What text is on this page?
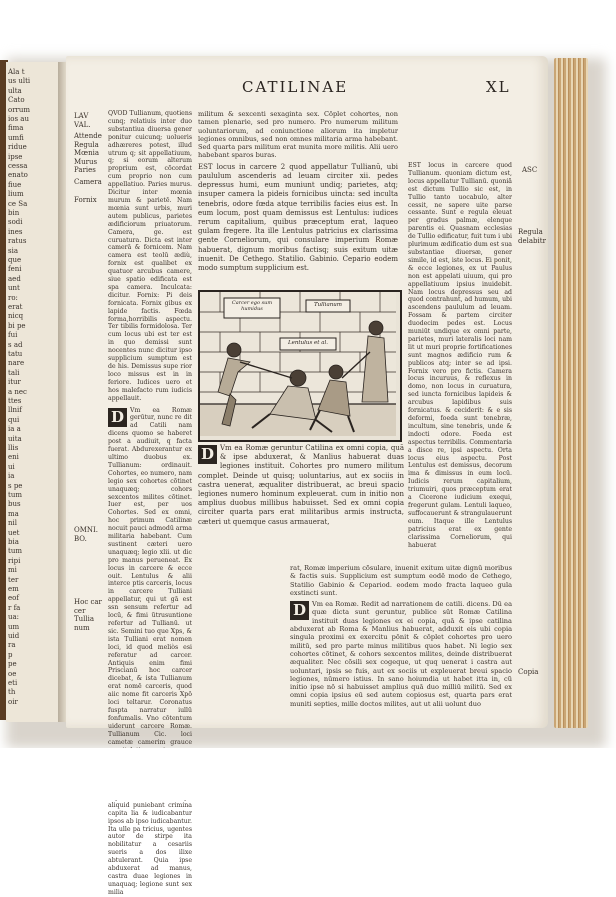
Ala t
us ulti
ulta
Cato
orrum
ios au
fima
umfi
ridue
ipse
cessa
enato
fiue
lium
ce Sa
bin
sodi
ines
ratus
sia
que
feni
aed
unt
ro:
erat
nicq
bi pe
fui
s ad
tatu
nare
tali
itur
a nec
ttes
llnif
qui
ia a
uita
llis
eni
ui
ia
s pe
tum
bus
ma
nil
uet
bia
tum
ripi
mi
ter
em
eof
r fa
ua:
um
uid
ra
p
pe
oe
eti
th
oir
CATILINAE	XL
LAV
VAL.
Attende
Regula
Mœnia
Murus
Paries
Camera
Fornix
OMNI.
BO.
Hoc car
cer
Tullia
num
ASC
Regula
delabitr
Copia

QVOD Tullianum, quotiens cunq; relatiuis inter duo substantiua diuersa gener ponitur cuicunq; uolueris adhæreres potest, illud utrum q; sit appellatiuum, q; si eorum alterum proprium est, cõcordat cum proprio non cum appellatiuo. Paries murus. Dicitur inter mœnia murum & parietē. Nam mœnia sunt urbis, muri autem publicus, parietes ædificiorum priuatorum. Camera, ge. est curuatura. Dicta est inter camerā & fornicem. Nam camera est teolū ædiù, fornix est qualibet ex quatuor arcubus camere, siue spatio edificata est spa camera. Inculcata: dicitur. Fornix: Pi deis fornicata. Fornix gibus ex lapide factis. Fœda forma,horribilis aspectu. Ter tibilis formidolosa. Ter cum locus ubi est ter est in quo demissi sunt nocentes nunc dicitur ipso supplicium sumptum est de his. Demissus supe rior loco missus est in in feriore. Iudices uero et hos malefacto rum iudicis appellauit.

D Vm ea Romæ gerūtur, nunc re dit ad Catili nam dicens quomo se haberet post a audiuit, q facta fuerat. Abdurexerantur ex ultimo duobus ex. Tullianum: ordinauit. Cohortes, eo numero, nam legio sex cohortes cõtinet unaquæq; cohors sexcentos milites cõtinet. Iuer est, per uos Cohortes. Sed ex omni, hoc primum Catilinæ nocuit pauci admodū arma militaria habebant. Cum sustinent cæteri uero unaquæq; legio xlii. ut dic pro manus perueneat. Ex locus in carcere & ecce ouit. Lentulus & alii interce ptis carceris, locus in carcere Tulliani appellatur, qui ut gā est ssn sensum refertur ad locū, & fimi ũtrusuntione refertur ad Tullianū. ut sic. Semini tuo que Xps, & ista Tulliani erat nomen loci, id quod meliòs esi referatur ad carcer. Antiquis enim fimi Priscianū hoc carcer dicebat, & ista Tullianum erat nomē carceris, quod aiic nome fit carceris Xpō loci teltarur. Coronatus fuspta narratur iullū fonfumalis. Vno cōtentum uiderunt carcere Romæ. Tullianum Cic. loci cametæ camerim grauce aliquid puniebant crimina capita lia & iudicabantur ipsos ab ipso iudicabantur. Ita ulle pa tricius, ugentes autor de stirpe ita nobilitatur a cesariis sueris a dos ilixe abtulerant. Quia ipse abduxerat ad manus, castra duae legiones in unaquaq; legione sunt sex milia

militum & sexcenti sexaginta sex. Cōplet cohortes, non tamen plenarie, sed pro numero. Pro numerum militum uoluntariorum, ad coniunctione aliorum ita impletur legiones omnibus, sed non omnes militaria arma habebant. Sed quarta pars militum erat munita more militis. Alii uero habebant sparos buras.

EST locus in carcere 2 quod appellatur Tullianū, ubi paululum ascenderis ad leuam circiter xii. pedes depressus humi, eum muniunt undiq; parietes, atq; insuper camera la pideis fornicibus uincta: sed inculta tenebris, odore fœda atque terribilis facies eius est. In eum locum, post quam demissus est Lentulus: iudices rerum capitalium, quibus præceptum erat, laqueo gulam fregere. Ita ille Lentulus patricius ex clarissima gente Corneliorum, qui consulare imperium Romæ habuerat, dignum moribus factisq; suis exitum uitæ inuenit. De Cethego. Statilio. Gabinio. Cepario eodem modo sumptum supplicium est.

Carcer ego sum humidus
Tullianum
Lentulus et al.

D Vm ea Romæ geruntur Catilina ex omni copia, quā & ipse abduxerat, & Manlius habuerat duas legiones instituit. Cohortes pro numero militum complet. Deinde ut quisq; uoluntarius, aut ex sociis in castra uenerat, æqualiter distribuerat, ac breui spacio legiones numero hominum expleuerat. cum in initio non amplius duobus millibus habuisset. Sed ex omni copia circiter quarta pars erat militaribus armis instructa, cæteri ut quemque casus armauerat,

rat, Romæ imperium cõsulare, inuenit exitum uitæ dignū moribus & factis suis. Supplicium est sumptum eodē modo de Cethego, Statilio Gabinio & Cepariod. eodem modo fracta laqueo gula exstincti sunt.

D Vm ea Romæ. Redit ad narrationem de catili. dicens. Dū ea quæ dicta sunt geruntur, publice sūt Romæ Catilina instituit duas legiones ex ei copia, quā & ipse catilina abduxerat ab Roma & Manlius habuerat, adduxit eis ubi copia singula proximi ex exercitu pōnit & cōplet cohortes pro uero militū, sed pro parte minus militibus quos habet. Ni legio sex cohortes cõtinet, & cohors sexcentos milites, deinde distribuerat æqualiter. Nec cõsili sex cogeque, ut quq uenerat i castra aut uoluntari, ipsis se fuis, aut ex sociis ut expleuerat breui spacio legiones, nūmero istius. In sano hoiumdia ut habet itta in, cũ initio ipse nō si habuisset amplius quā duo milliū militū. Sed ex omni copia ipsius eū sed autem copiosus est, quarta pars erat muniti septies, mille doctos milites, aut ut alii uolunt duo

EST locus in carcere quod Tullianum. quoniam dictum est, locus appellatur Tullianū. quoniã est dictum Tullio sic est, in Tullio tanto uocabulo, alter cessit, ne sapere uite parse cessante. Sunt e regula eleuat per gradus palmæ, elenque parentis ei. Quasnam ecclesias de Tullio edificatur, fuit tum i ubi plurimum ædificatio dum est sua substantiae diuersæ, gener simile, id est, iste locus. Ei ponit, & ecce legiones, ex ut Paulus non est appelati uiuum, qui pro appellatiuum ipsius inuidebit. Nam locus depressus seu ad quod contrahunt, ad humum, ubi ascendens paululum ad leuam. Fossam & partem circiter duodecim pedes est. Locus muniūt undique ex omni parte, parietes, muri lateralis loci nam lit ut muri proprie fortificationes sunt magnos ædificio rum & publicos atq; inter se ad ipsi. Fornix vero pro fictis. Camera locus incuruus, & reflexus in domo, non locus in curuatura, sed iuncta fornicibus lapideis & arcubus lapidibus suis fornicatus. & ceciderit: & e sis deformi, foeda sunt tenebræ, incultum, sine tenebris, unde & indocti odore. Foeda est aspectus terribilis. Commentaria a disce re, ipsi aspectu. Orta locus eius aspectu. Post Lentulus est demissus, decorum ima & dimissus in eum locū. Iudicis rerum capitalium, triumuiri, quos præceptum erat a Cicerone iudicium exequi, fregerunt gulam. Lentuli laqueo, suffocauerunt & strangulauerunt eum. Itaque ille Lentulus patricius erat ex gente clarissima Corneliorum, qui habuerat
